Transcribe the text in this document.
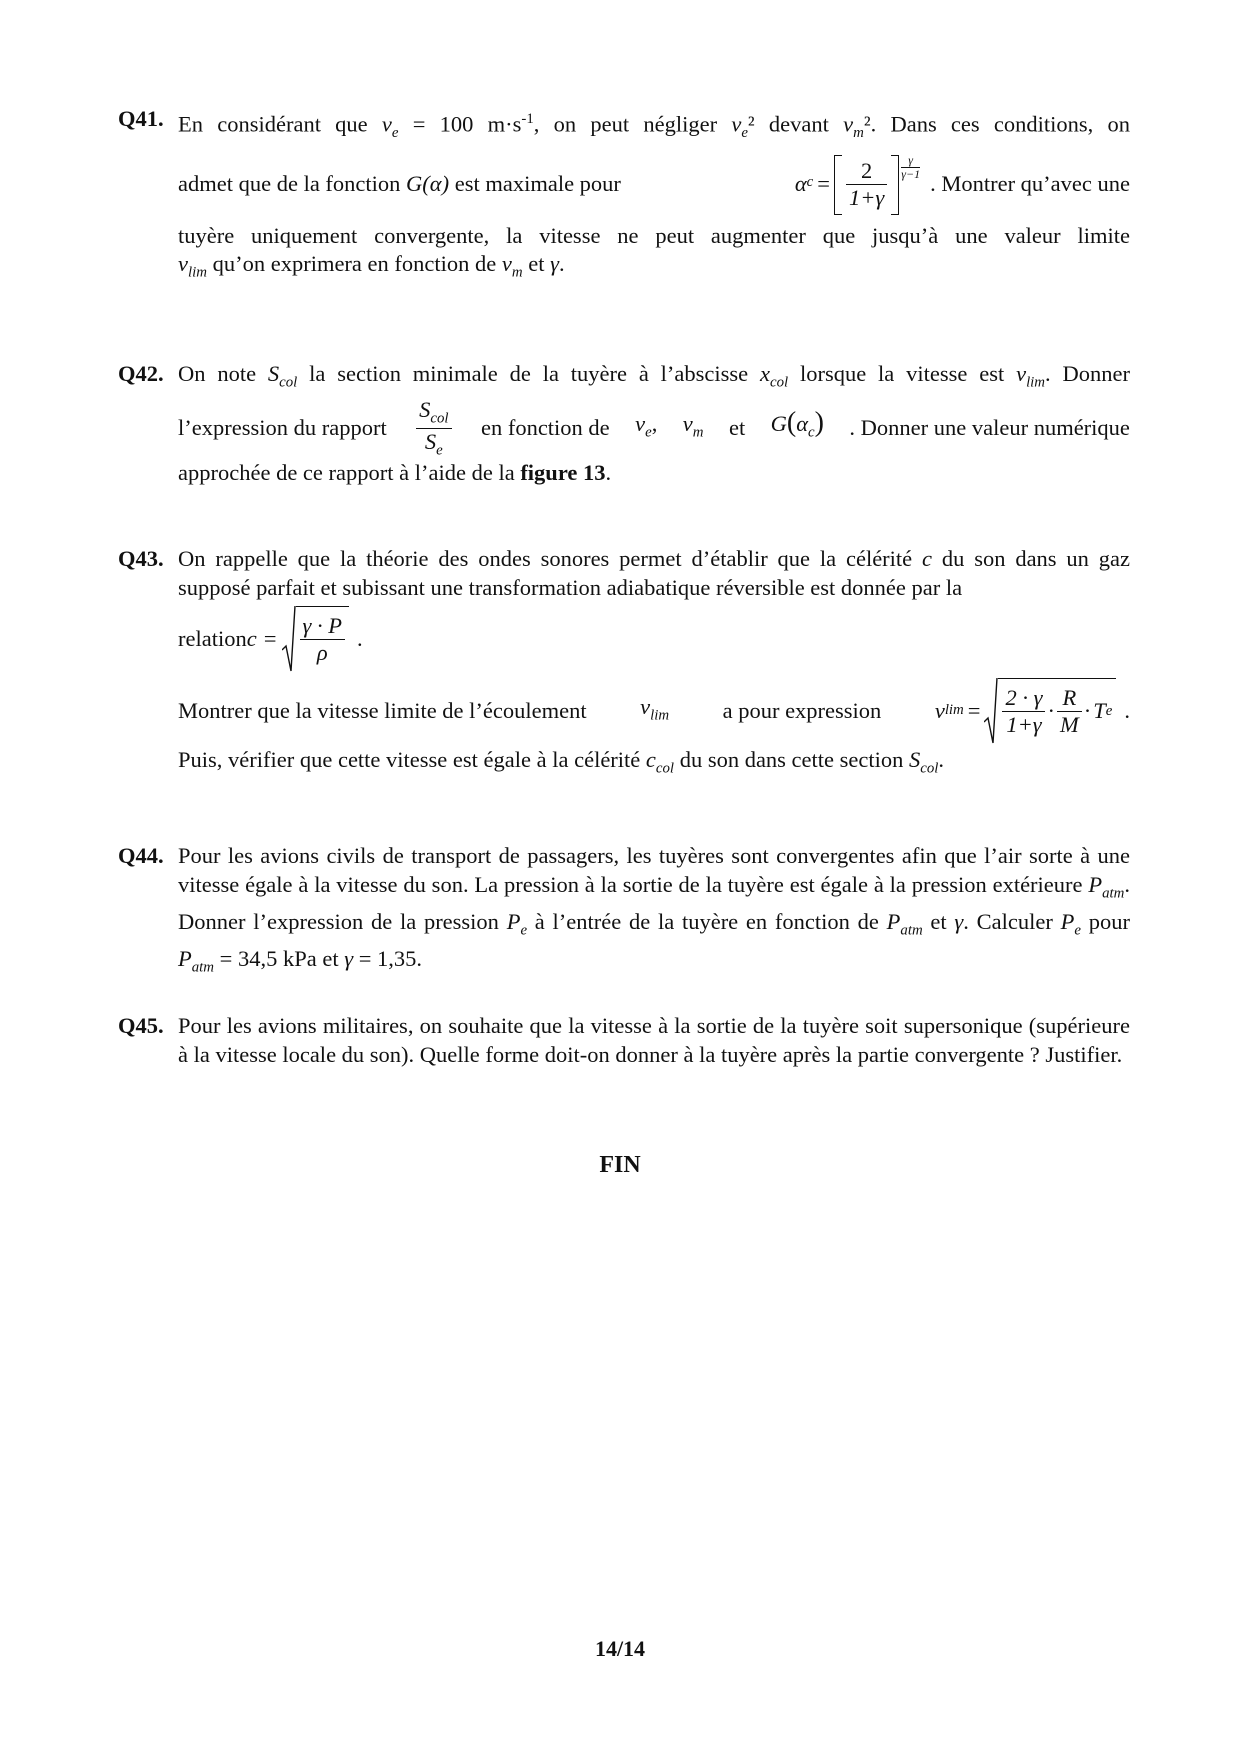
Q41. En considérant que $v_e = 100$ $m\cdot s^{-1}$, on peut négliger $v_e^2$ devant $v_m^2$. Dans ces conditions, on
admet que de la fonction G(α) est maximale pour	α $c = \frac{2}{1+\gamma} \frac{\gamma}{\gamma-1}$
. Montrer qu’avec une
tuyère uniquement convergente, la vitesse ne peut augmenter que jusqu’à une valeur limite
$v_{lim}$ qu’on exprimera en fonction de $v_m$ et γ.
Q42. On note $S_{col}$ la section minimale de la tuyère à l’abscisse $x_{col}$ lorsque la vitesse est $v_{lim}$. Donner
l’expression du rapport $\frac{S_{col}}{S_e}$ en fonction de $v_e$, $v_m$ et $G(\alpha_c)$ . Donner une valeur numérique
approchée de ce rapport à l’aide de la figure 13.
Q43. On rappelle que la théorie des ondes sonores permet d’établir que la célérité c du son dans un gaz supposé parfait et subissant une transformation adiabatique réversible est donnée par la
relation $c = \frac{\gamma \cdot P}{\rho}$ .
Montrer que la vitesse limite de l’écoulement $v_{lim}$ a pour expression v $\lim = \frac{2 \cdot \gamma}{1+\gamma} \cdot \frac{R}{M} \cdot T$ e .
Puis, vérifier que cette vitesse est égale à la célérité $c_{col}$ du son dans cette section $S_{col}$.
Q44. Pour les avions civils de transport de passagers, les tuyères sont convergentes afin que l’air sorte à une vitesse égale à la vitesse du son. La pression à la sortie de la tuyère est égale à la pression extérieure $P_{atm}$. Donner l’expression de la pression $P_e$ à l’entrée de la tuyère en fonction de $P_{atm}$ et γ. Calculer $P_e$ pour $P_{atm} = 34,5$ kPa et γ = 1,35.
Q45. Pour les avions militaires, on souhaite que la vitesse à la sortie de la tuyère soit supersonique (supérieure à la vitesse locale du son). Quelle forme doit-on donner à la tuyère après la partie convergente ? Justifier.
FIN
14/14
